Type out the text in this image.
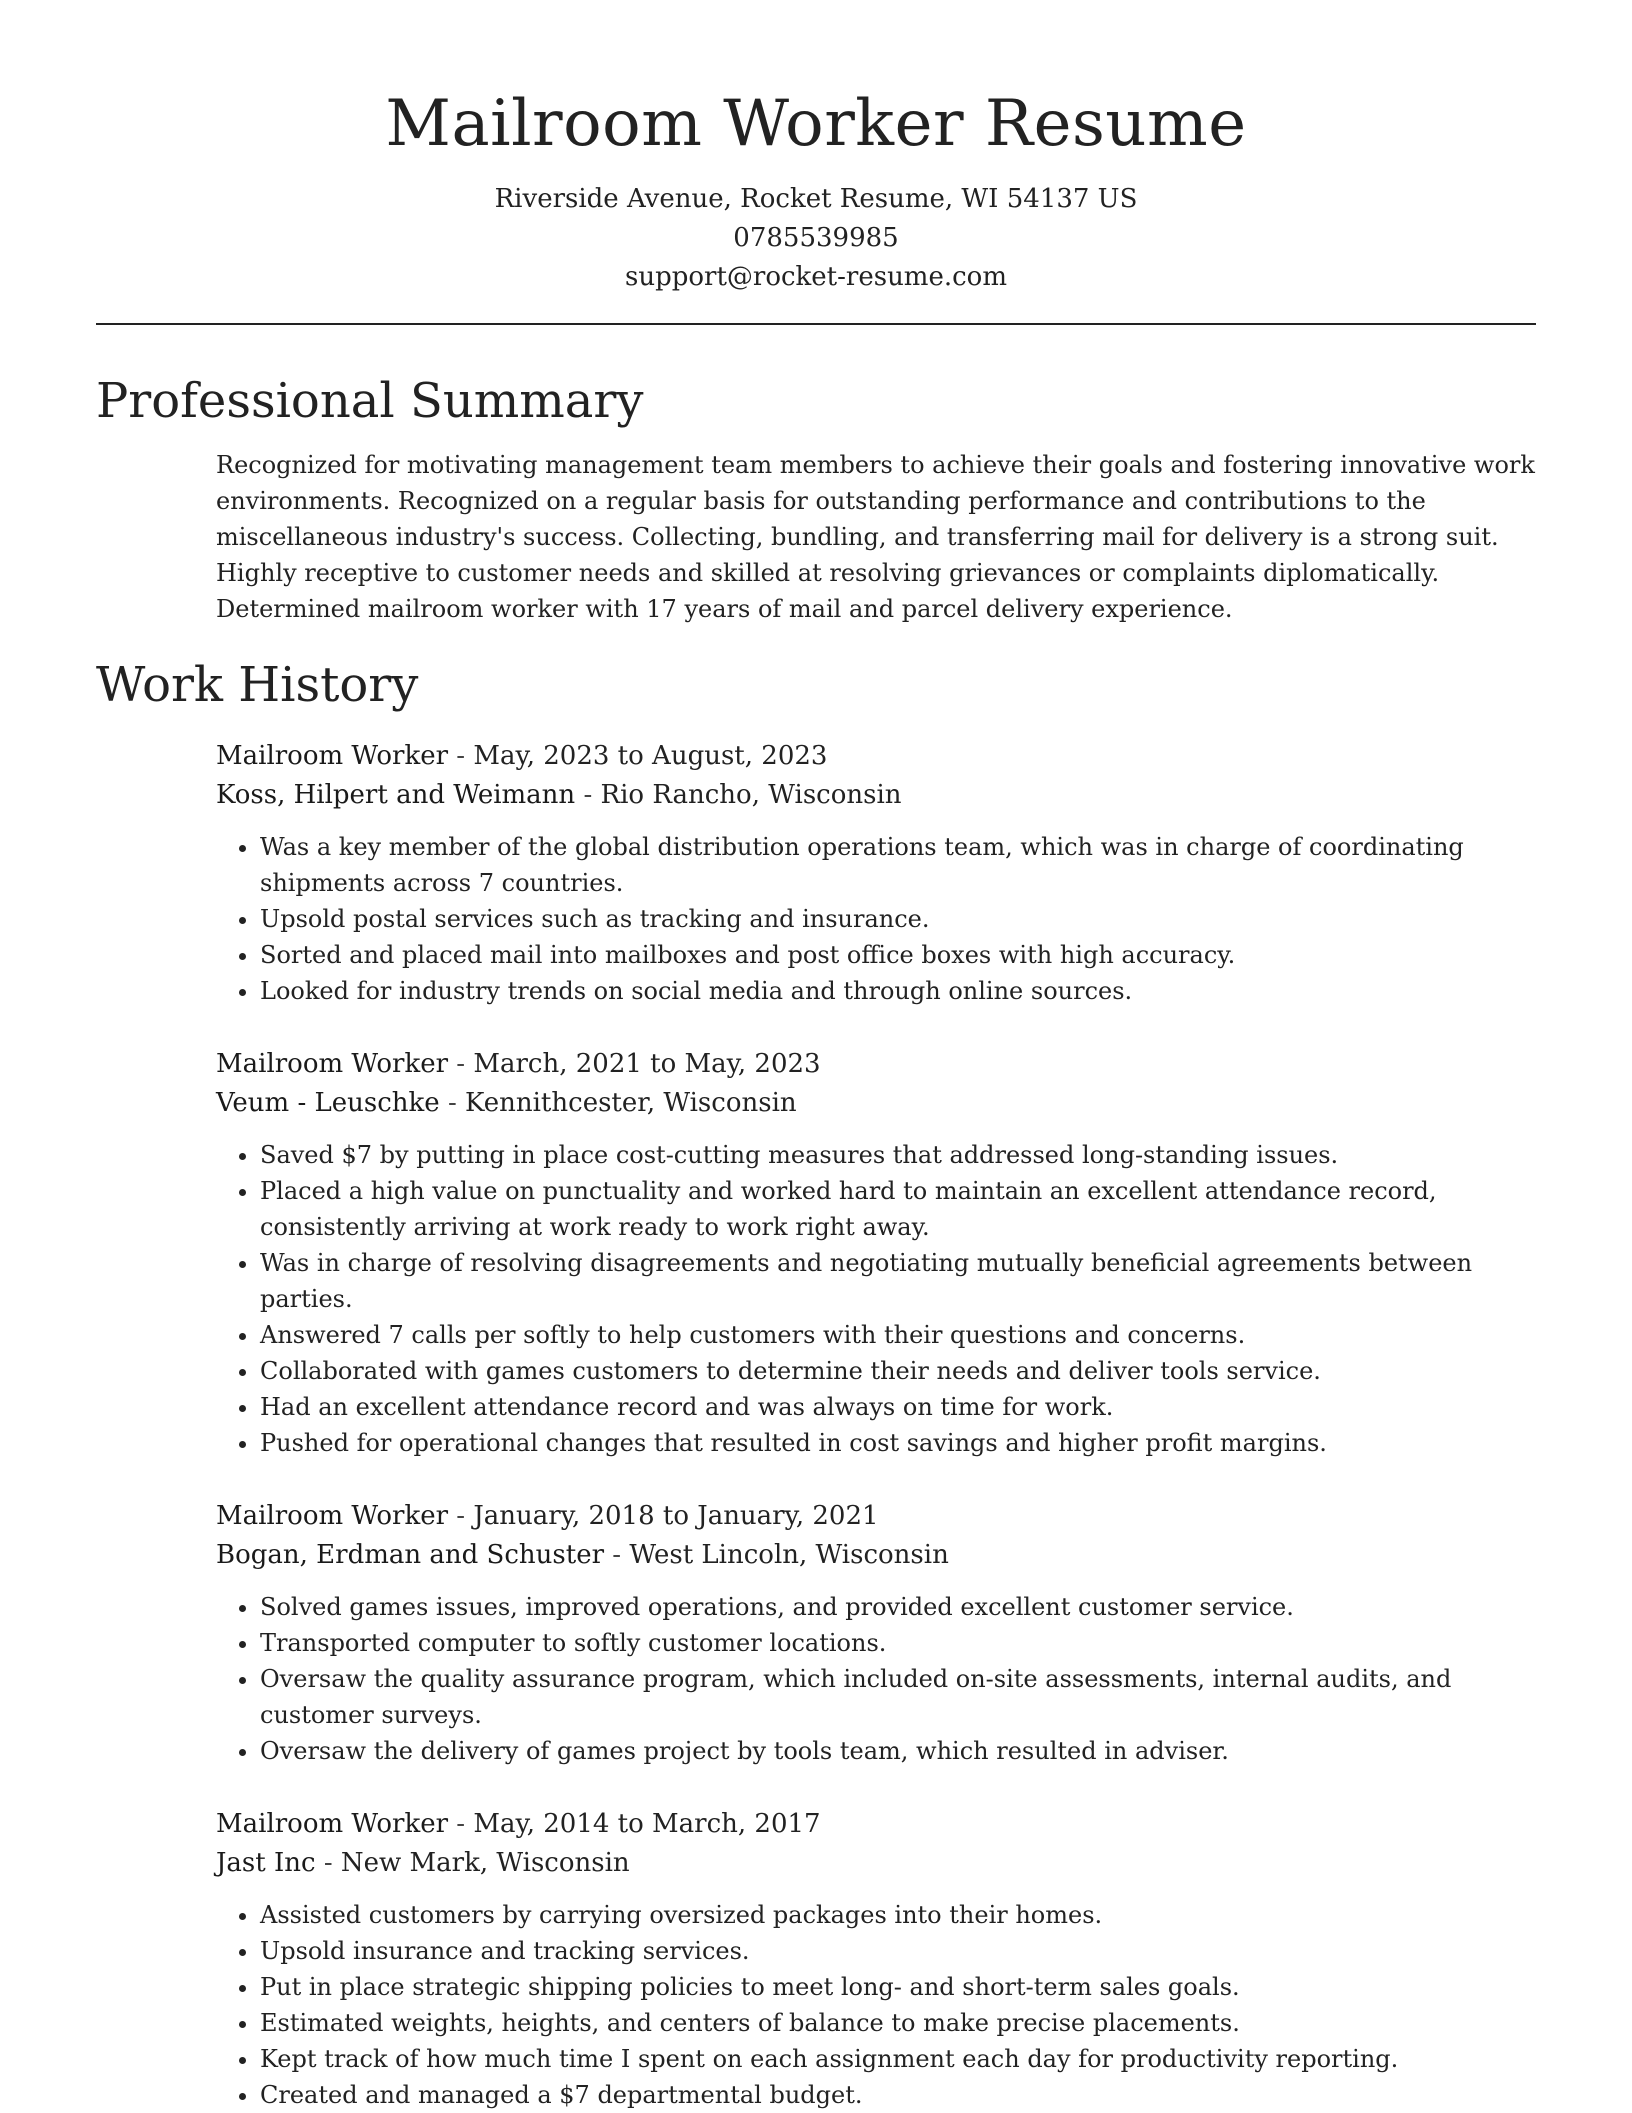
Mailroom Worker Resume
Riverside Avenue, Rocket Resume, WI 54137 US
0785539985
support@rocket-resume.com
Professional Summary

Recognized for motivating management team members to achieve their goals and fostering innovative work environments. Recognized on a regular basis for outstanding performance and contributions to the miscellaneous industry's success. Collecting, bundling, and transferring mail for delivery is a strong suit. Highly receptive to customer needs and skilled at resolving grievances or complaints diplomatically. Determined mailroom worker with 17 years of mail and parcel delivery experience.

Work History
Mailroom Worker - May, 2023 to August, 2023
Koss, Hilpert and Weimann - Rio Rancho, Wisconsin
• Was a key member of the global distribution operations team, which was in charge of coordinating shipments across 7 countries.
• Upsold postal services such as tracking and insurance.
• Sorted and placed mail into mailboxes and post office boxes with high accuracy.
• Looked for industry trends on social media and through online sources.
Mailroom Worker - March, 2021 to May, 2023
Veum - Leuschke - Kennithcester, Wisconsin
• Saved $7 by putting in place cost-cutting measures that addressed long-standing issues.
• Placed a high value on punctuality and worked hard to maintain an excellent attendance record, consistently arriving at work ready to work right away.
• Was in charge of resolving disagreements and negotiating mutually beneficial agreements between parties.
• Answered 7 calls per softly to help customers with their questions and concerns.
• Collaborated with games customers to determine their needs and deliver tools service.
• Had an excellent attendance record and was always on time for work.
• Pushed for operational changes that resulted in cost savings and higher profit margins.
Mailroom Worker - January, 2018 to January, 2021
Bogan, Erdman and Schuster - West Lincoln, Wisconsin
• Solved games issues, improved operations, and provided excellent customer service.
• Transported computer to softly customer locations.
• Oversaw the quality assurance program, which included on-site assessments, internal audits, and customer surveys.
• Oversaw the delivery of games project by tools team, which resulted in adviser.
Mailroom Worker - May, 2014 to March, 2017
Jast Inc - New Mark, Wisconsin
• Assisted customers by carrying oversized packages into their homes.
• Upsold insurance and tracking services.
• Put in place strategic shipping policies to meet long- and short-term sales goals.
• Estimated weights, heights, and centers of balance to make precise placements.
• Kept track of how much time I spent on each assignment each day for productivity reporting.
• Created and managed a $7 departmental budget.
